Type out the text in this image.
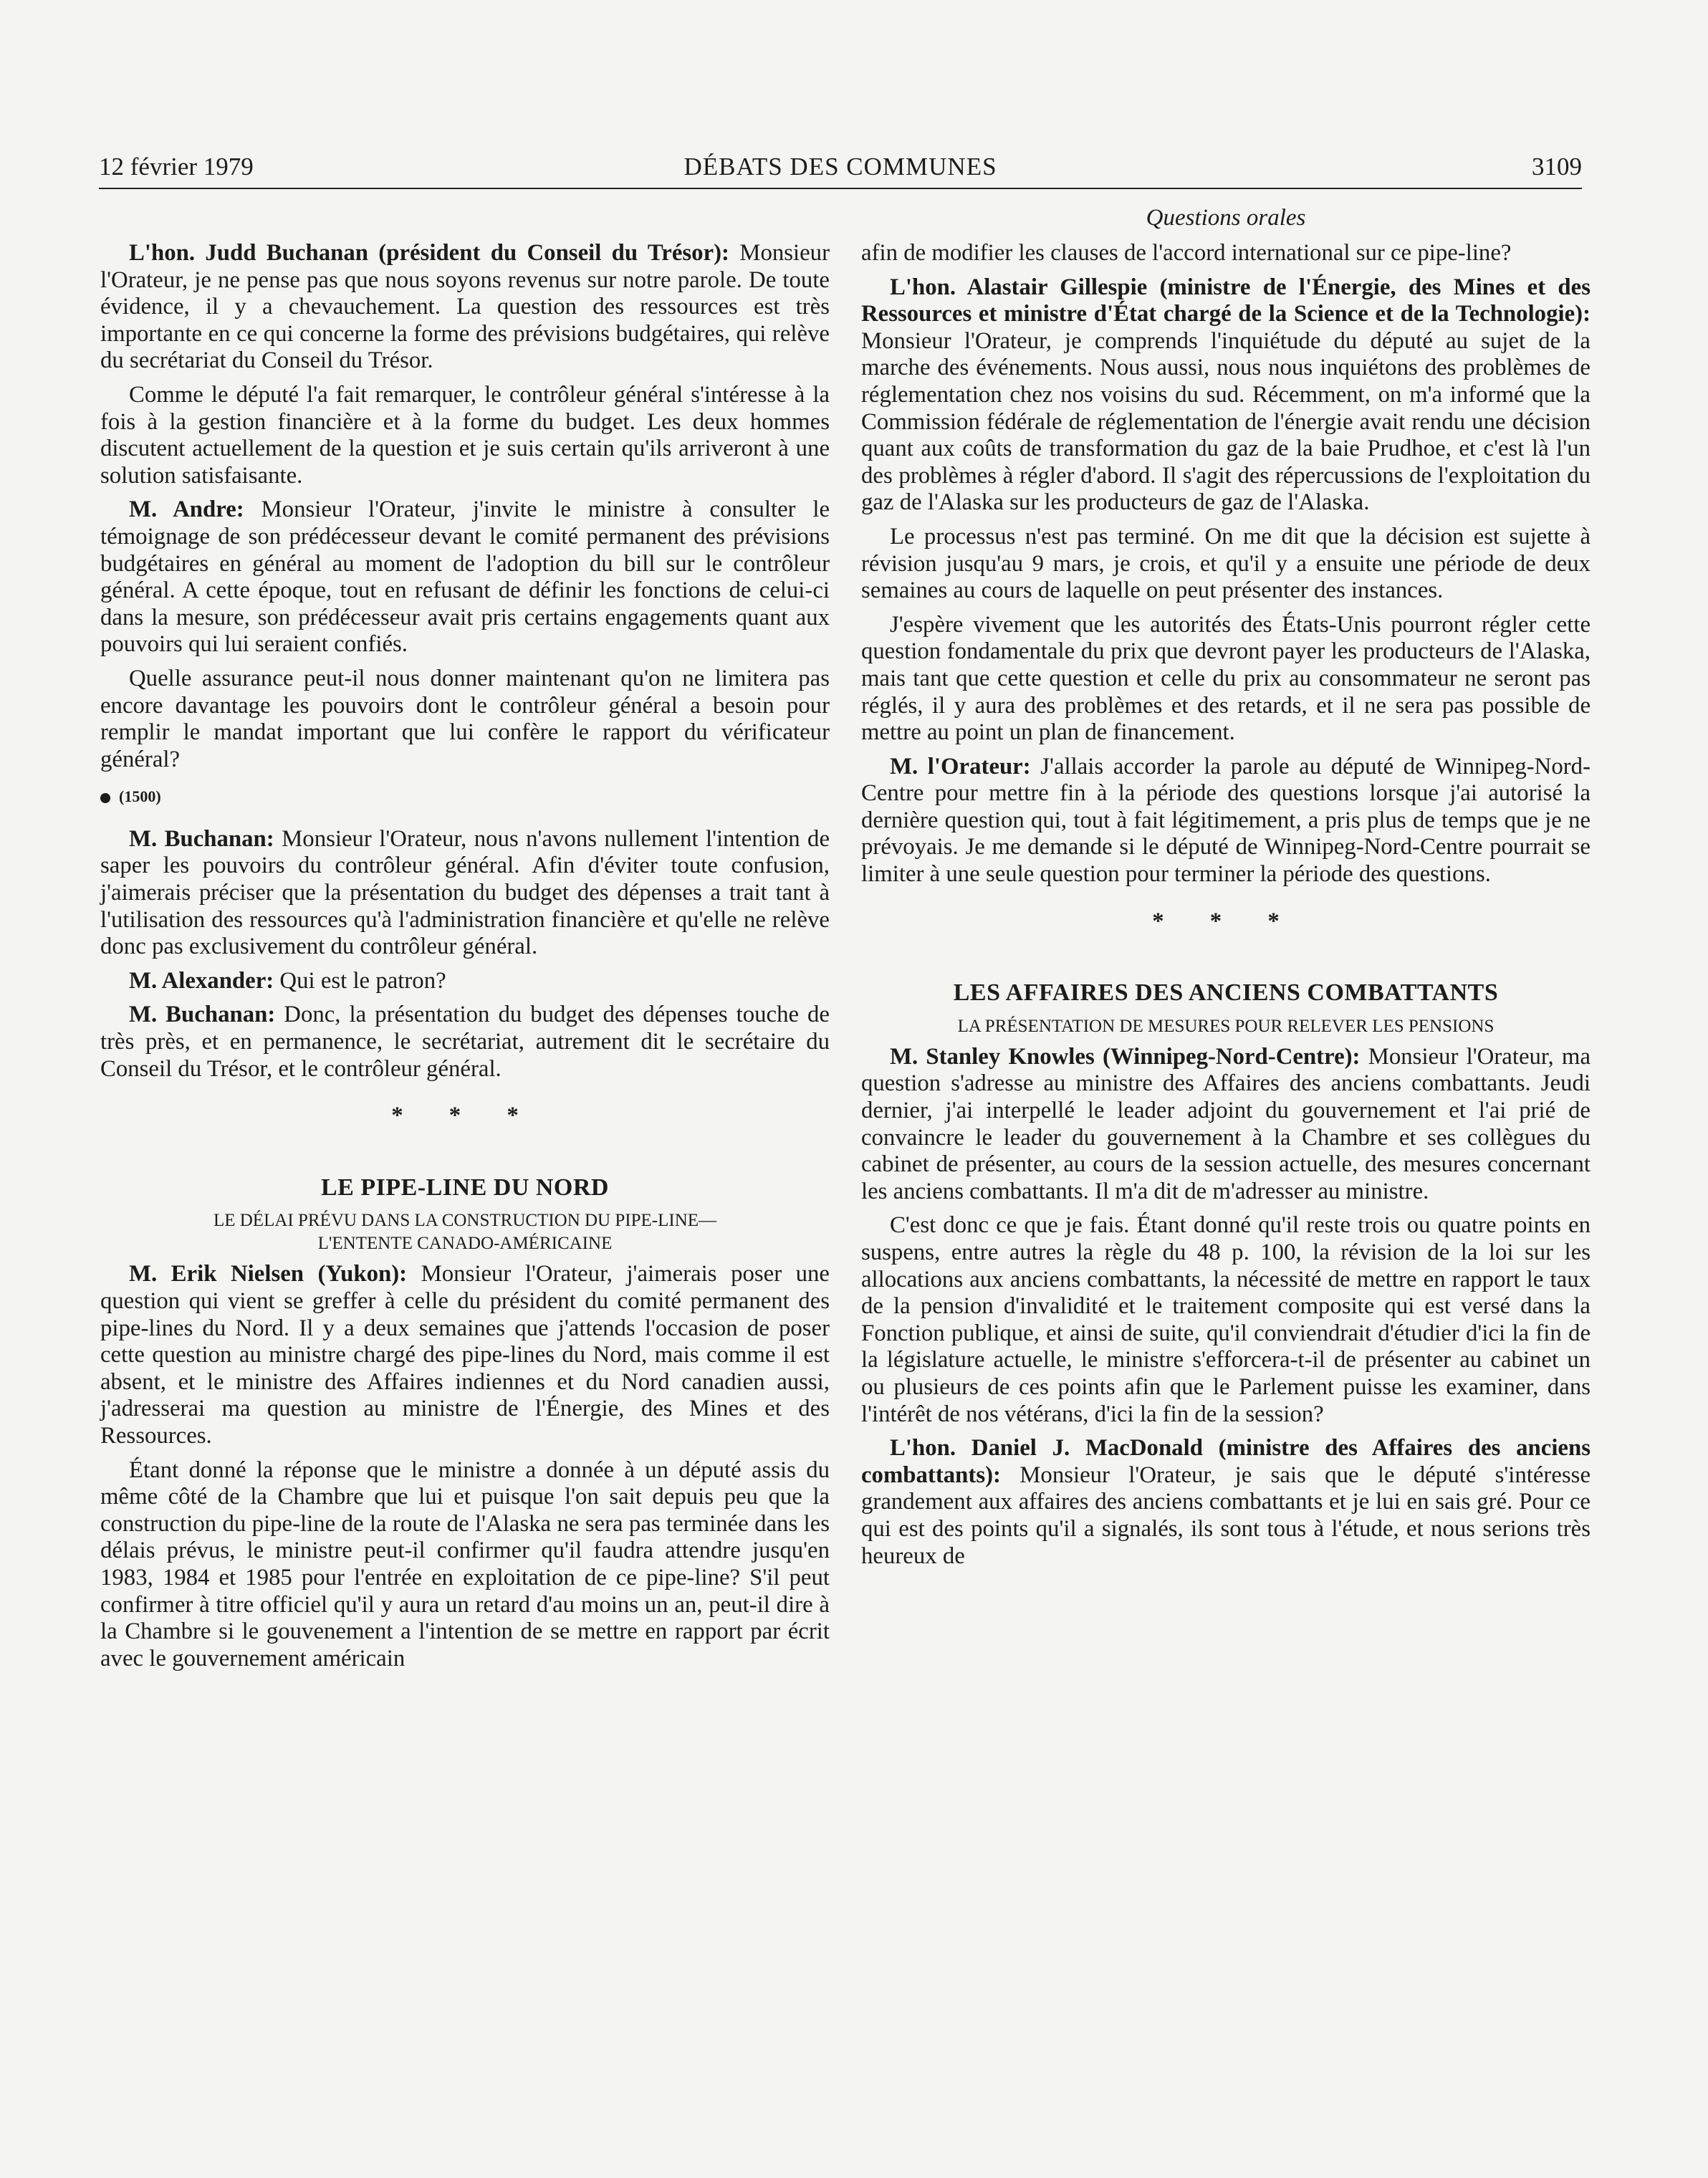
12 février 1979	DÉBATS DES COMMUNES	3109
Questions orales

L'hon. Judd Buchanan (président du Conseil du Trésor): Monsieur l'Orateur, je ne pense pas que nous soyons revenus sur notre parole. De toute évidence, il y a chevauchement. La question des ressources est très importante en ce qui concerne la forme des prévisions budgétaires, qui relève du secrétariat du Conseil du Trésor.

Comme le député l'a fait remarquer, le contrôleur général s'intéresse à la fois à la gestion financière et à la forme du budget. Les deux hommes discutent actuellement de la question et je suis certain qu'ils arriveront à une solution satisfaisante.

M. Andre: Monsieur l'Orateur, j'invite le ministre à consulter le témoignage de son prédécesseur devant le comité permanent des prévisions budgétaires en général au moment de l'adoption du bill sur le contrôleur général. A cette époque, tout en refusant de définir les fonctions de celui-ci dans la mesure, son prédécesseur avait pris certains engagements quant aux pouvoirs qui lui seraient confiés.

Quelle assurance peut-il nous donner maintenant qu'on ne limitera pas encore davantage les pouvoirs dont le contrôleur général a besoin pour remplir le mandat important que lui confère le rapport du vérificateur général?

(1500)

M. Buchanan: Monsieur l'Orateur, nous n'avons nullement l'intention de saper les pouvoirs du contrôleur général. Afin d'éviter toute confusion, j'aimerais préciser que la présentation du budget des dépenses a trait tant à l'utilisation des ressources qu'à l'administration financière et qu'elle ne relève donc pas exclusivement du contrôleur général.

M. Alexander: Qui est le patron?

M. Buchanan: Donc, la présentation du budget des dépenses touche de très près, et en permanence, le secrétariat, autrement dit le secrétaire du Conseil du Trésor, et le contrôleur général.

* * *
LE PIPE-LINE DU NORD
LE DÉLAI PRÉVU DANS LA CONSTRUCTION DU PIPE-LINE—
L'ENTENTE CANADO-AMÉRICAINE

M. Erik Nielsen (Yukon): Monsieur l'Orateur, j'aimerais poser une question qui vient se greffer à celle du président du comité permanent des pipe-lines du Nord. Il y a deux semaines que j'attends l'occasion de poser cette question au ministre chargé des pipe-lines du Nord, mais comme il est absent, et le ministre des Affaires indiennes et du Nord canadien aussi, j'adresserai ma question au ministre de l'Énergie, des Mines et des Ressources.

Étant donné la réponse que le ministre a donnée à un député assis du même côté de la Chambre que lui et puisque l'on sait depuis peu que la construction du pipe-line de la route de l'Alaska ne sera pas terminée dans les délais prévus, le ministre peut-il confirmer qu'il faudra attendre jusqu'en 1983, 1984 et 1985 pour l'entrée en exploitation de ce pipe-line? S'il peut confirmer à titre officiel qu'il y aura un retard d'au moins un an, peut-il dire à la Chambre si le gouvenement a l'intention de se mettre en rapport par écrit avec le gouvernement américain

afin de modifier les clauses de l'accord international sur ce pipe-line?

L'hon. Alastair Gillespie (ministre de l'Énergie, des Mines et des Ressources et ministre d'État chargé de la Science et de la Technologie): Monsieur l'Orateur, je comprends l'inquiétude du député au sujet de la marche des événements. Nous aussi, nous nous inquiétons des problèmes de réglementation chez nos voisins du sud. Récemment, on m'a informé que la Commission fédérale de réglementation de l'énergie avait rendu une décision quant aux coûts de transformation du gaz de la baie Prudhoe, et c'est là l'un des problèmes à régler d'abord. Il s'agit des répercussions de l'exploitation du gaz de l'Alaska sur les producteurs de gaz de l'Alaska.

Le processus n'est pas terminé. On me dit que la décision est sujette à révision jusqu'au 9 mars, je crois, et qu'il y a ensuite une période de deux semaines au cours de laquelle on peut présenter des instances.

J'espère vivement que les autorités des États-Unis pourront régler cette question fondamentale du prix que devront payer les producteurs de l'Alaska, mais tant que cette question et celle du prix au consommateur ne seront pas réglés, il y aura des problèmes et des retards, et il ne sera pas possible de mettre au point un plan de financement.

M. l'Orateur: J'allais accorder la parole au député de Winnipeg-Nord-Centre pour mettre fin à la période des questions lorsque j'ai autorisé la dernière question qui, tout à fait légitimement, a pris plus de temps que je ne prévoyais. Je me demande si le député de Winnipeg-Nord-Centre pourrait se limiter à une seule question pour terminer la période des questions.

* * *
LES AFFAIRES DES ANCIENS COMBATTANTS
LA PRÉSENTATION DE MESURES POUR RELEVER LES PENSIONS

M. Stanley Knowles (Winnipeg-Nord-Centre): Monsieur l'Orateur, ma question s'adresse au ministre des Affaires des anciens combattants. Jeudi dernier, j'ai interpellé le leader adjoint du gouvernement et l'ai prié de convaincre le leader du gouvernement à la Chambre et ses collègues du cabinet de présenter, au cours de la session actuelle, des mesures concernant les anciens combattants. Il m'a dit de m'adresser au ministre.

C'est donc ce que je fais. Étant donné qu'il reste trois ou quatre points en suspens, entre autres la règle du 48 p. 100, la révision de la loi sur les allocations aux anciens combattants, la nécessité de mettre en rapport le taux de la pension d'invalidité et le traitement composite qui est versé dans la Fonction publique, et ainsi de suite, qu'il conviendrait d'étudier d'ici la fin de la législature actuelle, le ministre s'efforcera-t-il de présenter au cabinet un ou plusieurs de ces points afin que le Parlement puisse les examiner, dans l'intérêt de nos vétérans, d'ici la fin de la session?

L'hon. Daniel J. MacDonald (ministre des Affaires des anciens combattants): Monsieur l'Orateur, je sais que le député s'intéresse grandement aux affaires des anciens combattants et je lui en sais gré. Pour ce qui est des points qu'il a signalés, ils sont tous à l'étude, et nous serions très heureux de
